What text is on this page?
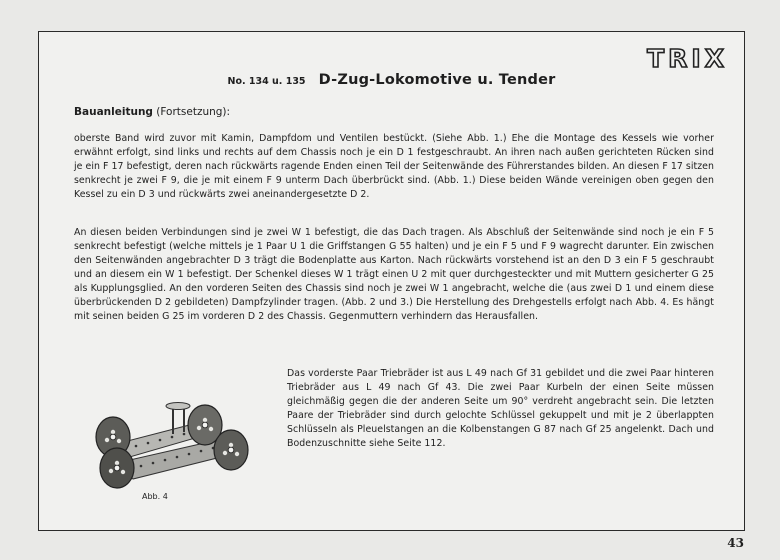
TRIX
No. 134 u. 135 D-Zug-Lokomotive u. Tender
Bauanleitung (Fortsetzung):

oberste Band wird zuvor mit Kamin, Dampfdom und Ventilen bestückt. (Siehe Abb. 1.) Ehe die Montage des Kessels wie vorher erwähnt erfolgt, sind links und rechts auf dem Chassis noch je ein D 1 festgeschraubt. An ihren nach außen gerichteten Rücken sind je ein F 17 befestigt, deren nach rückwärts ragende Enden einen Teil der Seitenwände des Führerstandes bilden. An diesen F 17 sitzen senkrecht je zwei F 9, die je mit einem F 9 unterm Dach überbrückt sind. (Abb. 1.) Diese beiden Wände vereinigen oben gegen den Kessel zu ein D 3 und rückwärts zwei aneinandergesetzte D 2.

An diesen beiden Verbindungen sind je zwei W 1 befestigt, die das Dach tragen. Als Abschluß der Seitenwände sind noch je ein F 5 senkrecht befestigt (welche mittels je 1 Paar U 1 die Griffstangen G 55 halten) und je ein F 5 und F 9 wagrecht darunter. Ein zwischen den Seitenwänden angebrachter D 3 trägt die Bodenplatte aus Karton. Nach rückwärts vorstehend ist an den D 3 ein F 5 geschraubt und an diesem ein W 1 befestigt. Der Schenkel dieses W 1 trägt einen U 2 mit quer durchgesteckter und mit Muttern gesicherter G 25 als Kupplungsglied. An den vorderen Seiten des Chassis sind noch je zwei W 1 angebracht, welche die (aus zwei D 1 und einem diese überbrückenden D 2 gebildeten) Dampfzylinder tragen. (Abb. 2 und 3.) Die Herstellung des Drehgestells erfolgt nach Abb. 4. Es hängt mit seinen beiden G 25 im vorderen D 2 des Chassis. Gegenmuttern verhindern das Herausfallen.

Das vorderste Paar Triebräder ist aus L 49 nach Gf 31 gebildet und die zwei Paar hinteren Triebräder aus L 49 nach Gf 43. Die zwei Paar Kurbeln der einen Seite müssen gleichmäßig gegen die der anderen Seite um 90° verdreht angebracht sein. Die letzten Paare der Triebräder sind durch gelochte Schlüssel gekuppelt und mit je 2 überlappten Schlüsseln als Pleuelstangen an die Kolbenstangen G 87 nach Gf 25 angelenkt. Dach und Bodenzuschnitte siehe Seite 112.

Abb. 4
43
